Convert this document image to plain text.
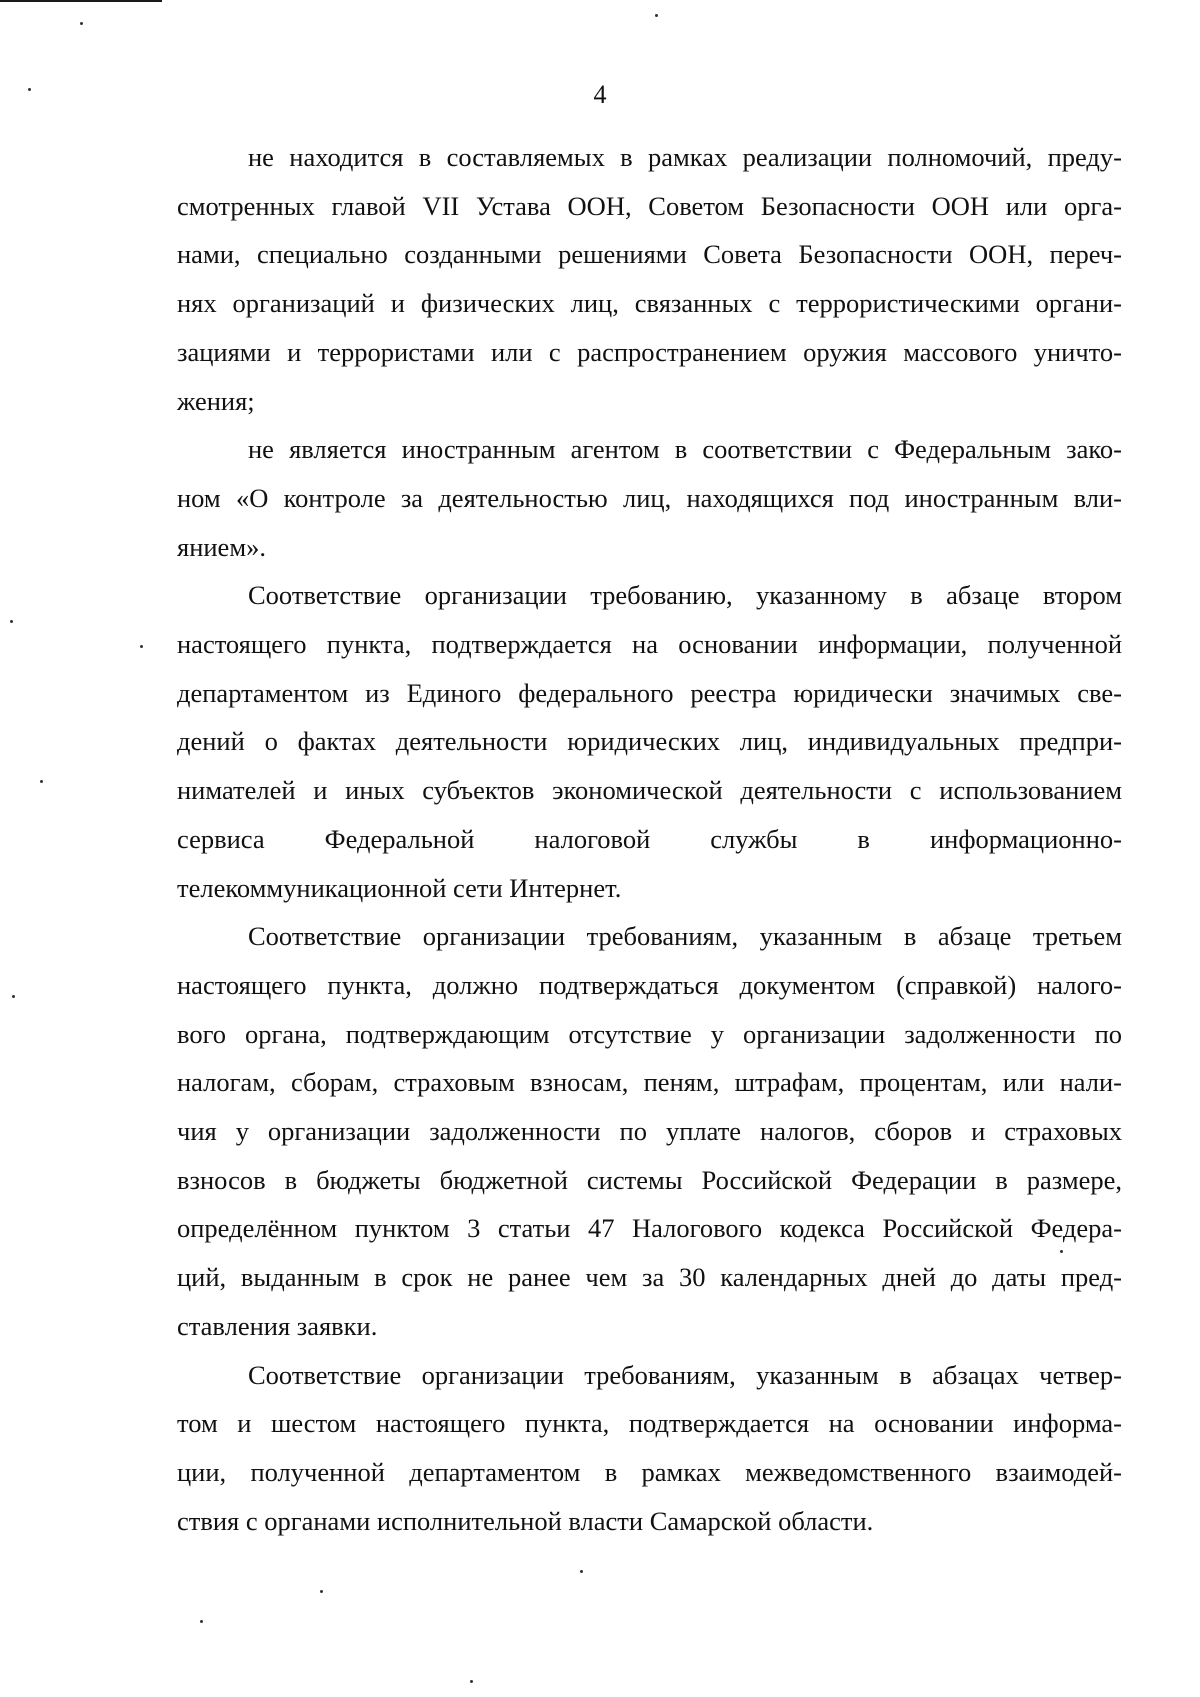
4
не находится в составляемых в рамках реализации полномочий, преду-
смотренных главой VII Устава ООН, Советом Безопасности ООН или орга-
нами, специально созданными решениями Совета Безопасности ООН, переч-
нях организаций и физических лиц, связанных с террористическими органи-
зациями и террористами или с распространением оружия массового уничто-
жения;
не является иностранным агентом в соответствии с Федеральным зако-
ном «О контроле за деятельностью лиц, находящихся под иностранным вли-
янием».
Соответствие организации требованию, указанному в абзаце втором
настоящего пункта, подтверждается на основании информации, полученной
департаментом из Единого федерального реестра юридически значимых све-
дений о фактах деятельности юридических лиц, индивидуальных предпри-
нимателей и иных субъектов экономической деятельности с использованием
сервиса Федеральной налоговой службы в информационно-
телекоммуникационной сети Интернет.
Соответствие организации требованиям, указанным в абзаце третьем
настоящего пункта, должно подтверждаться документом (справкой) налого-
вого органа, подтверждающим отсутствие у организации задолженности по
налогам, сборам, страховым взносам, пеням, штрафам, процентам, или нали-
чия у организации задолженности по уплате налогов, сборов и страховых
взносов в бюджеты бюджетной системы Российской Федерации в размере,
определённом пунктом 3 статьи 47 Налогового кодекса Российской Федера-
ций, выданным в срок не ранее чем за 30 календарных дней до даты пред-
ставления заявки.
Соответствие организации требованиям, указанным в абзацах четвер-
том и шестом настоящего пункта, подтверждается на основании информа-
ции, полученной департаментом в рамках межведомственного взаимодей-
ствия с органами исполнительной власти Самарской области.
